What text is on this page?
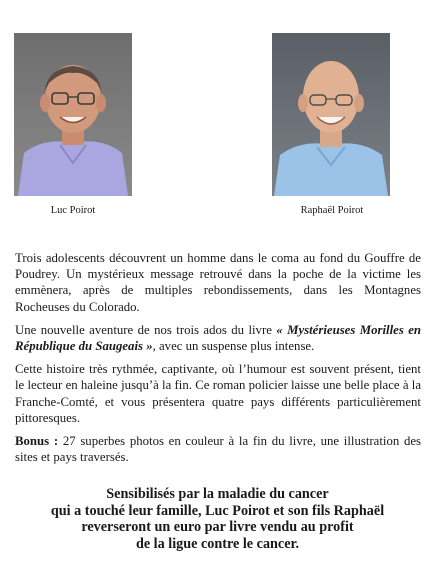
Luc Poirot	Raphaël Poirot

Trois adolescents découvrent un homme dans le coma au fond du Gouffre de Poudrey. Un mystérieux message retrouvé dans la poche de la victime les emmènera, après de multiples rebondissements, dans les Montagnes Rocheuses du Colorado.

Une nouvelle aventure de nos trois ados du livre « Mystérieuses Morilles en République du Saugeais », avec un suspense plus intense.

Cette histoire très rythmée, captivante, où l’humour est souvent présent, tient le lecteur en haleine jusqu’à la fin. Ce roman policier laisse une belle place à la Franche-Comté, et vous présentera quatre pays différents particulièrement pittoresques.

Bonus : 27 superbes photos en couleur à la fin du livre, une illustration des sites et pays traversés.

Sensibilisés par la maladie du cancer
qui a touché leur famille, Luc Poirot et son fils Raphaël
reverseront un euro par livre vendu au profit
de la ligue contre le cancer.
